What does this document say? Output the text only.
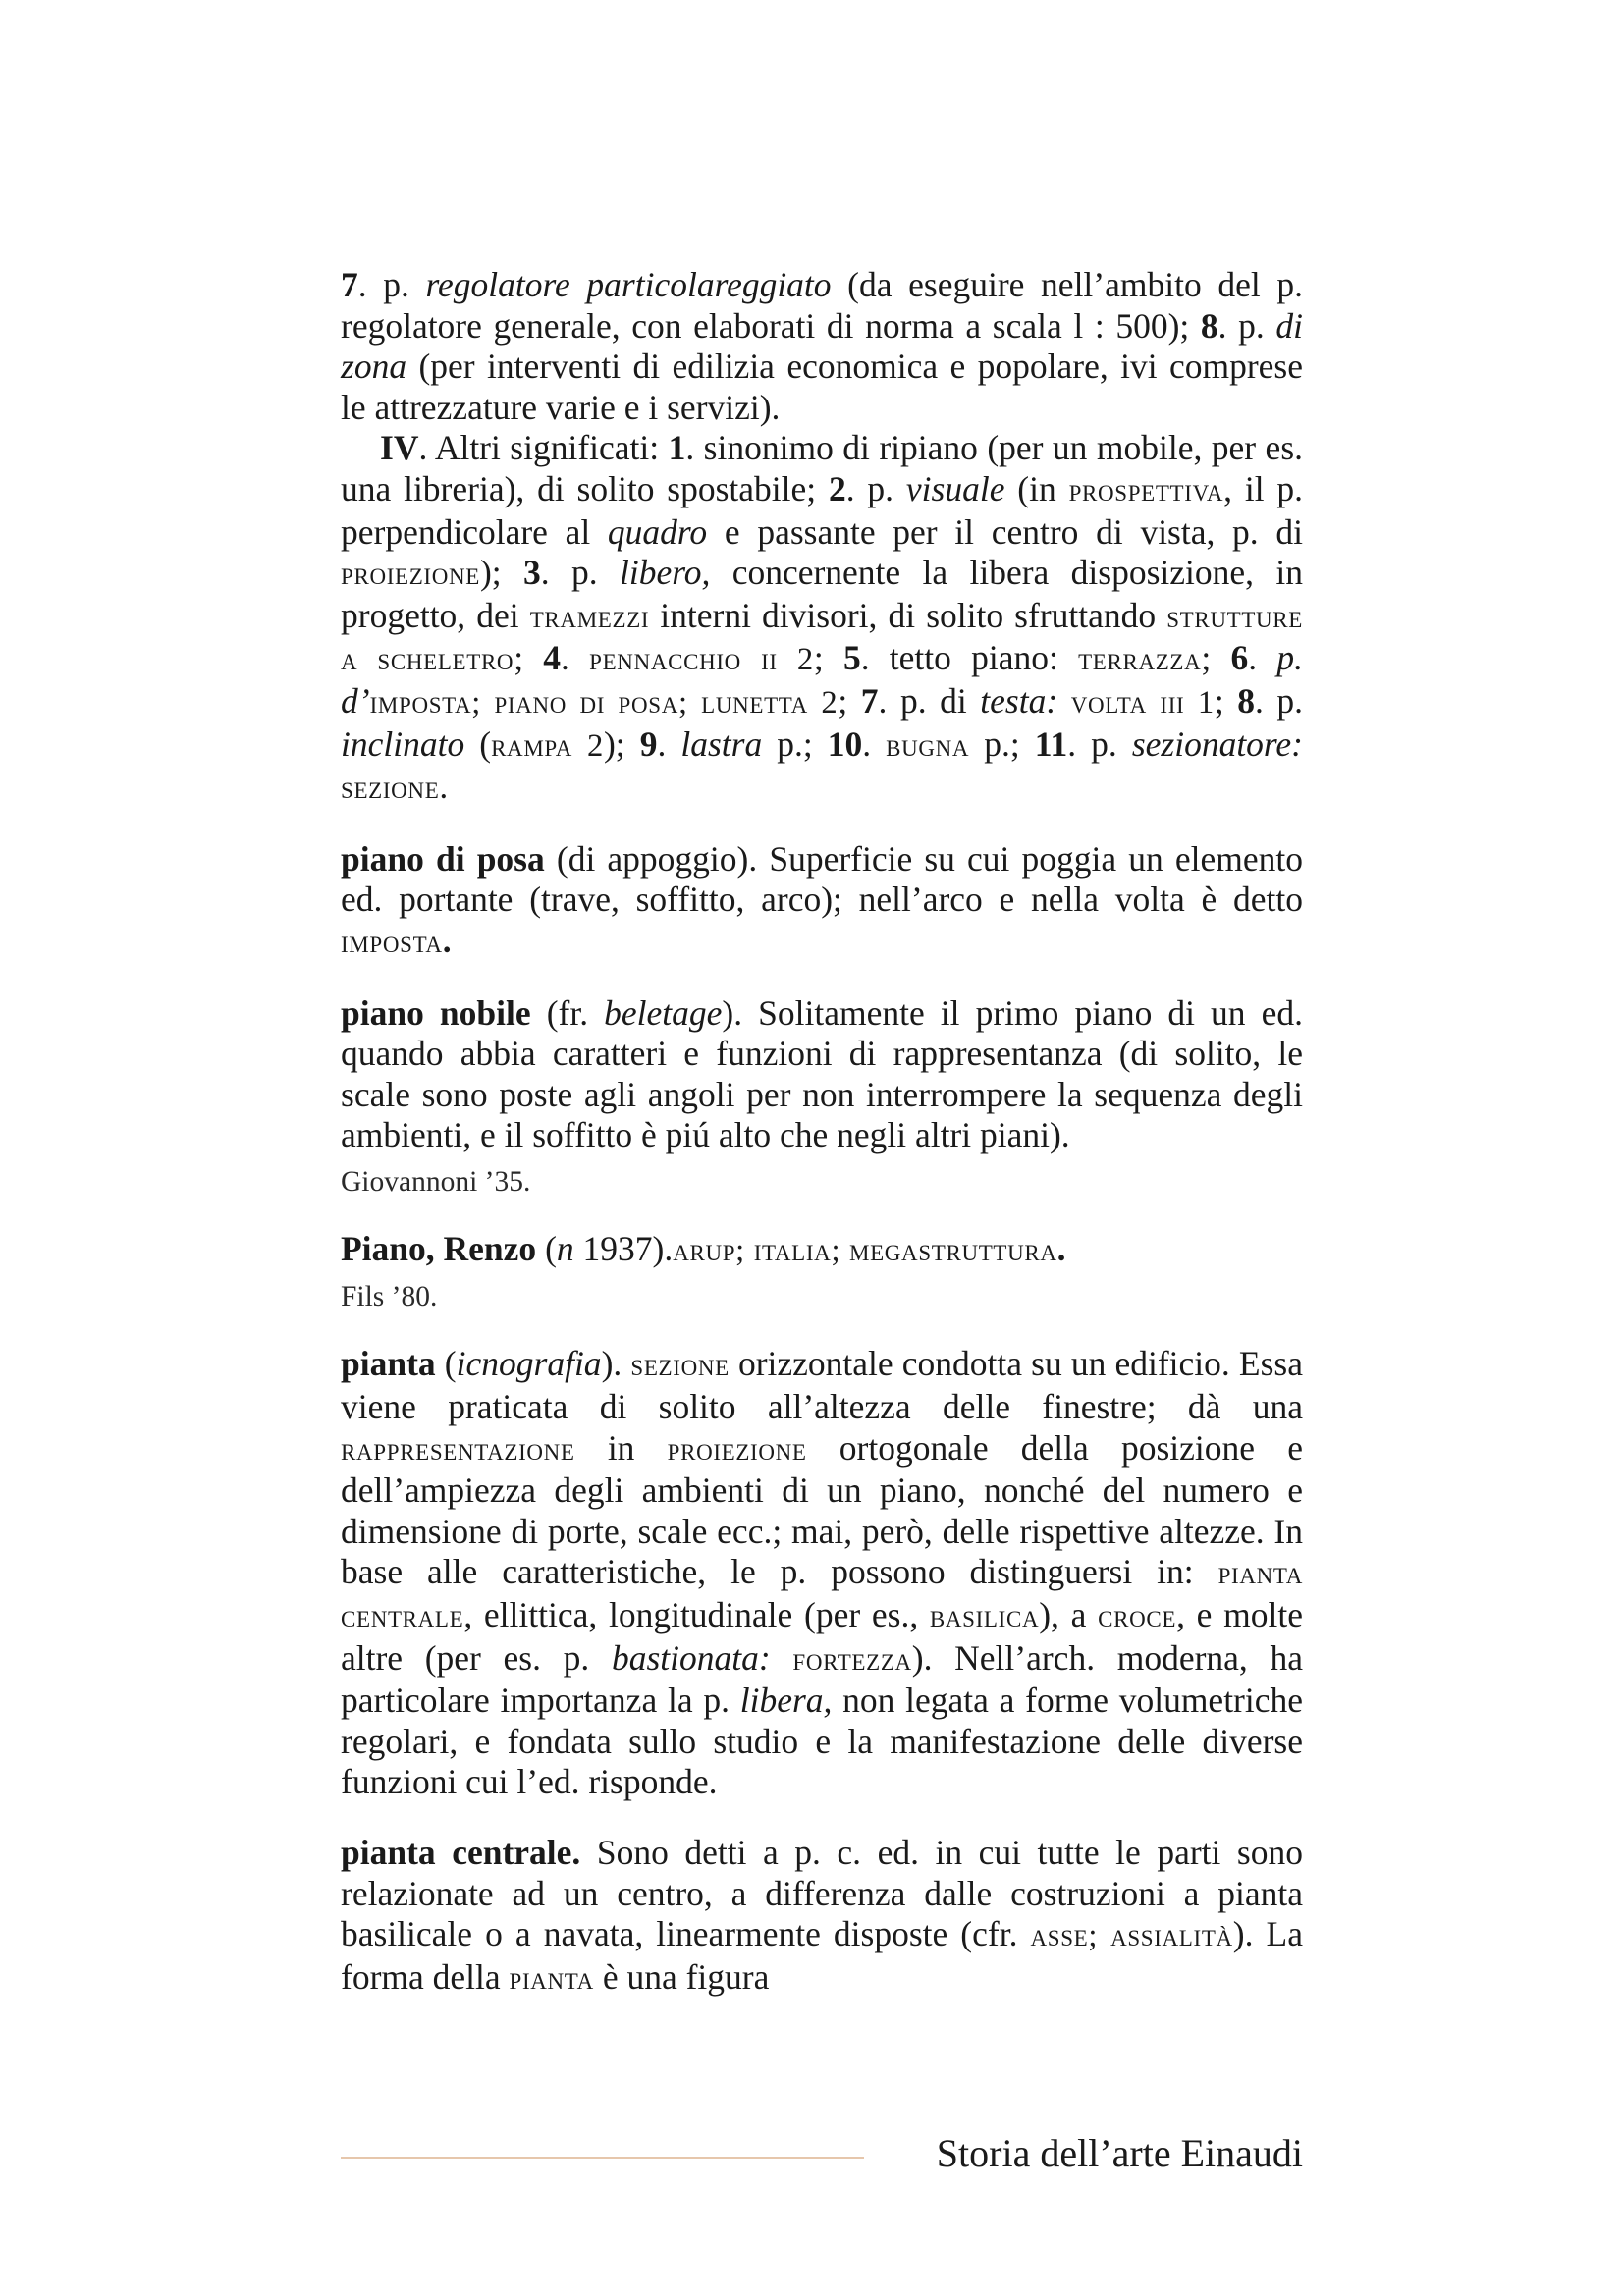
7. p. regolatore particolareggiato (da eseguire nell’ambito del p. regolatore generale, con elaborati di norma a scala l : 500); 8. p. di zona (per interventi di edilizia economica e popolare, ivi comprese le attrezzature varie e i servizi).

IV. Altri significati: 1. sinonimo di ripiano (per un mobile, per es. una libreria), di solito spostabile; 2. p. visuale (in prospettiva, il p. perpendicolare al quadro e passante per il centro di vista, p. di proiezione); 3. p. libero, concernente la libera disposizione, in progetto, dei tramezzi interni divisori, di solito sfruttando strutture a scheletro; 4. pennacchio ii 2; 5. tetto piano: terrazza; 6. p. d’imposta; piano di posa; lunetta 2; 7. p. di testa: volta iii 1; 8. p. inclinato (rampa 2); 9. lastra p.; 10. bugna p.; 11. p. sezionatore: sezione.

piano di posa (di appoggio). Superficie su cui poggia un elemento ed. portante (trave, soffitto, arco); nell’arco e nella volta è detto imposta.

piano nobile (fr. beletage). Solitamente il primo piano di un ed. quando abbia caratteri e funzioni di rappresentanza (di solito, le scale sono poste agli angoli per non interrompere la sequenza degli ambienti, e il soffitto è piú alto che negli altri piani).

Giovannoni ’35.

Piano, Renzo (n 1937).arup; italia; megastruttura.

Fils ’80.

pianta (icnografia). sezione orizzontale condotta su un edificio. Essa viene praticata di solito all’altezza delle finestre; dà una rappresentazione in proiezione ortogonale della posizione e dell’ampiezza degli ambienti di un piano, nonché del numero e dimensione di porte, scale ecc.; mai, però, delle rispettive altezze. In base alle caratteristiche, le p. possono distinguersi in: pianta centrale, ellittica, longitudinale (per es., basilica), a croce, e molte altre (per es. p. bastionata: fortezza). Nell’arch. moderna, ha particolare importanza la p. libera, non legata a forme volumetriche regolari, e fondata sullo studio e la manifestazione delle diverse funzioni cui l’ed. risponde.

pianta centrale. Sono detti a p. c. ed. in cui tutte le parti sono relazionate ad un centro, a differenza dalle costruzioni a pianta basilicale o a navata, linearmente disposte (cfr. asse; assialità). La forma della pianta è una figura

Storia dell’arte Einaudi
